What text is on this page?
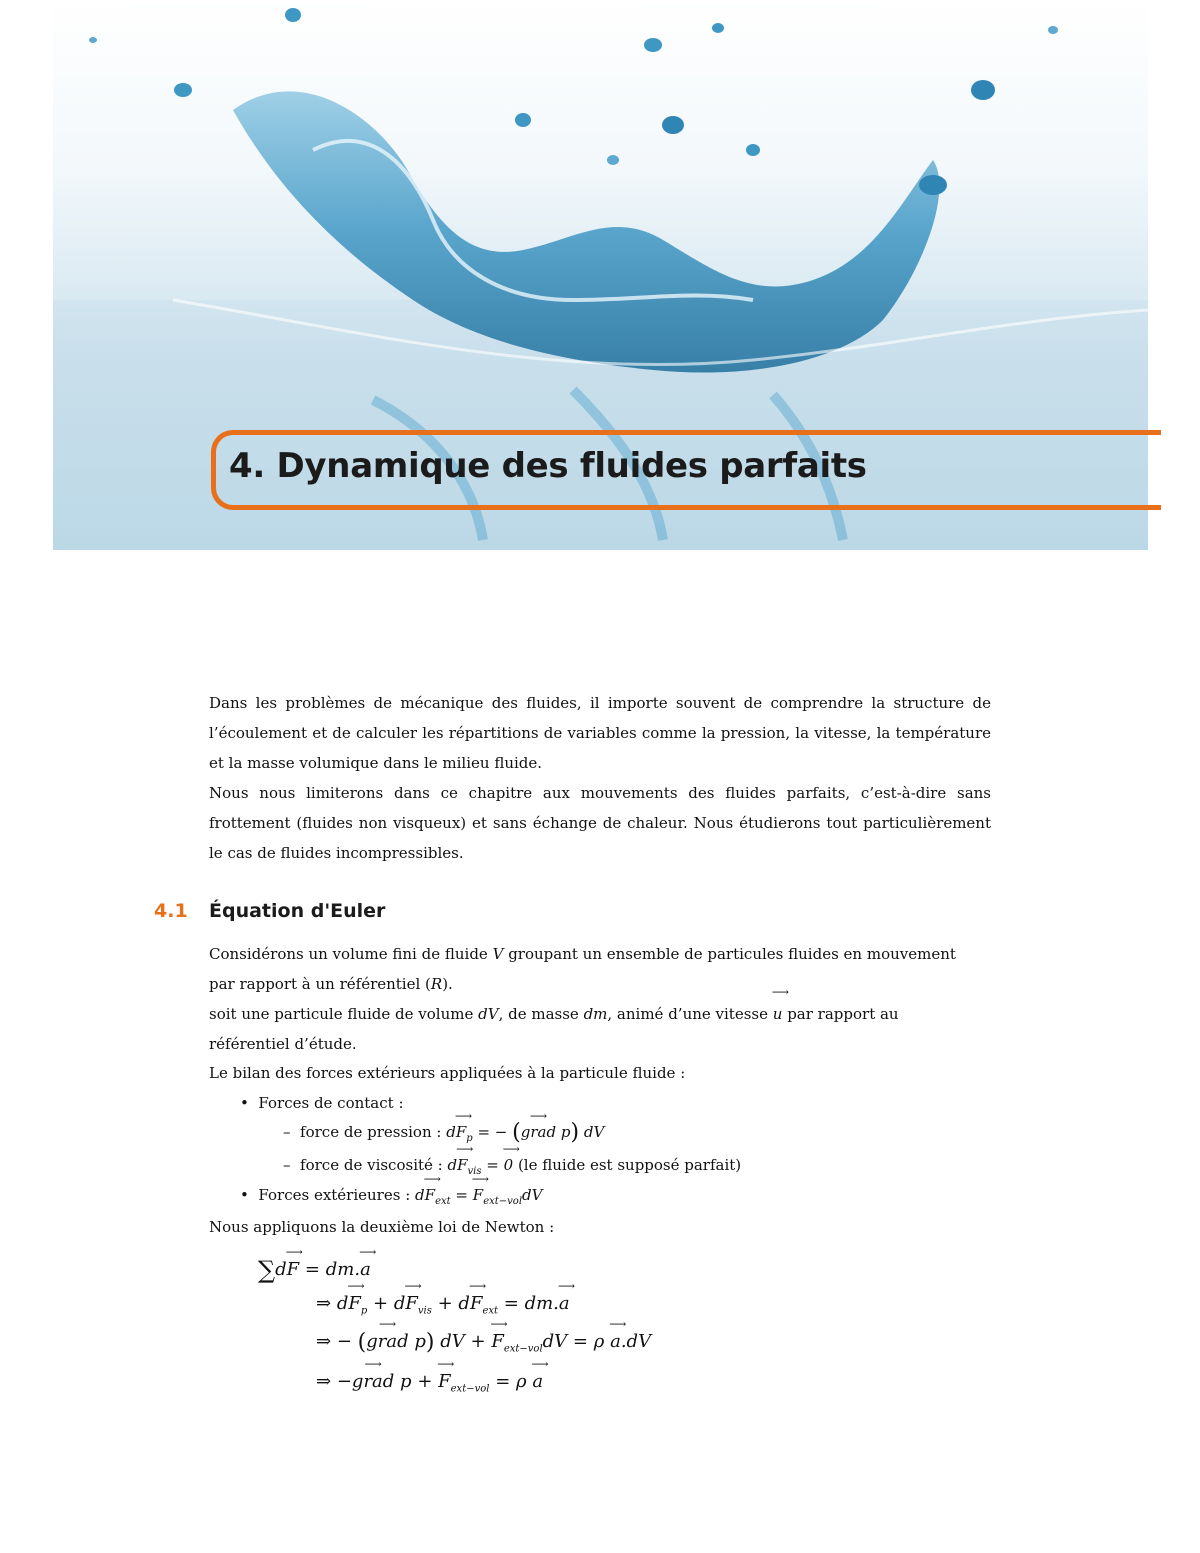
4. Dynamique des fluides parfaits
Dans les problèmes de mécanique des fluides, il importe souvent de comprendre la structure de l’écoulement et de calculer les répartitions de variables comme la pression, la vitesse, la température et la masse volumique dans le milieu fluide.
Nous nous limiterons dans ce chapitre aux mouvements des fluides parfaits, c’est-à-dire sans frottement (fluides non visqueux) et sans échange de chaleur. Nous étudierons tout particulièrement le cas de fluides incompressibles.
4.1 Équation d'Euler
Considérons un volume fini de fluide V groupant un ensemble de particules fluides en mouvement
par rapport à un référentiel (R).
soit une particule fluide de volume dV, de masse dm, animé d’une vitesse ⟶ u par rapport au
référentiel d’étude.
Le bilan des forces extérieurs appliquées à la particule fluide :
• Forces de contact :
– force de pression : d⟶ $F_p$ = − (⟶ grad p) dV
– force de viscosité : d⟶ $F_{vis}$ = ⟶ 0 (le fluide est supposé parfait)
• Forces extérieures : d⟶ $F_{ext}$ = ⟶ $F_{ext-vol}dV$
Nous appliquons la deuxième loi de Newton :
∑d⟶ F = dm.⟶ a
⇒ d⟶ $F_p$ + d⟶ $F_{vis}$ + d⟶ $F_{ext}$ = dm.⟶ a
⇒ − (⟶ grad p) dV + ⟶ $F_{ext-vol}dV = \rho$ ⟶ a.dV
⇒ −⟶ grad p + ⟶ $F_{ext-vol} = \rho$ ⟶ a
